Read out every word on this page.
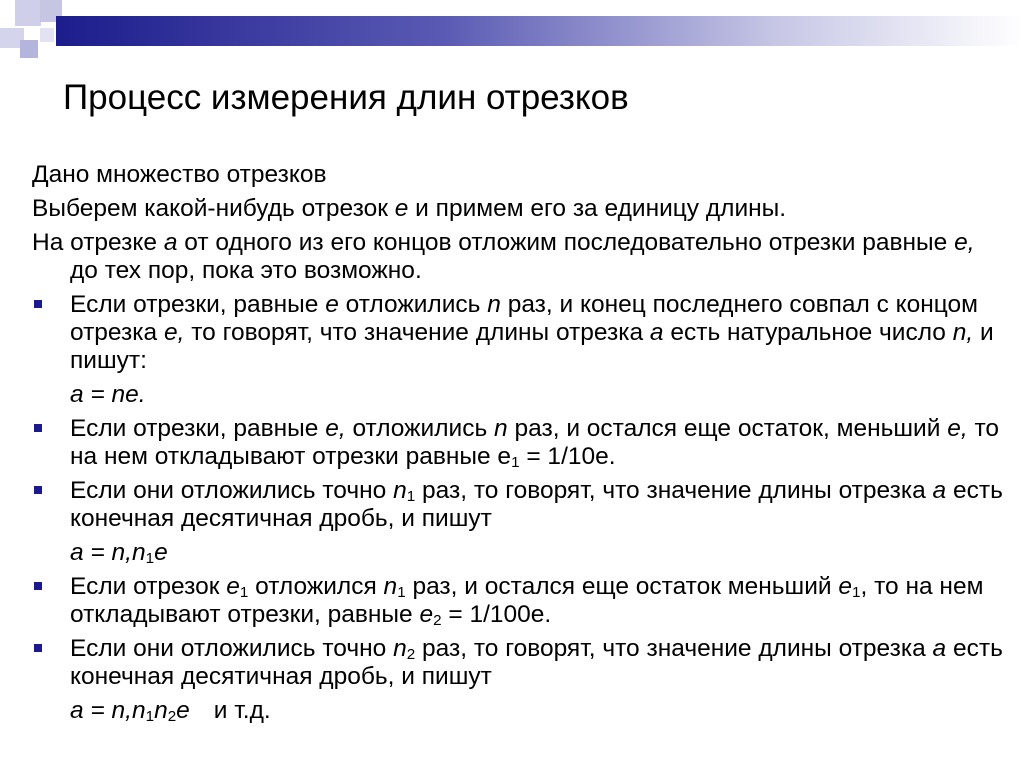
Процесс измерения длин отрезков
Дано множество отрезков
Выберем какой-нибудь отрезок e и примем его за единицу длины.
На отрезке a от одного из его концов отложим последовательно отрезки равные e, до тех пор, пока это возможно.
Если отрезки, равные e отложились n раз, и конец последнего совпал с концом отрезка e, то говорят, что значение длины отрезка a есть натуральное число n, и пишут:
a = ne.
Если отрезки, равные e, отложились n раз, и остался еще остаток, меньший e, то на нем откладывают отрезки равные $е_1 = 1/10е$.
Если они отложились точно $n_1$ раз, то говорят, что значение длины отрезка a есть конечная десятичная дробь, и пишут
$a = n,n_1e$
Если отрезок $e_1$ отложился $n_1$ раз, и остался еще остаток меньший $e_1$, то на нем откладывают отрезки, равные $e_2 = 1/100е$.
Если они отложились точно $n_2$ раз, то говорят, что значение длины отрезка a есть конечная десятичная дробь, и пишут
$a = n,n_1n_2e$ и т.д.
